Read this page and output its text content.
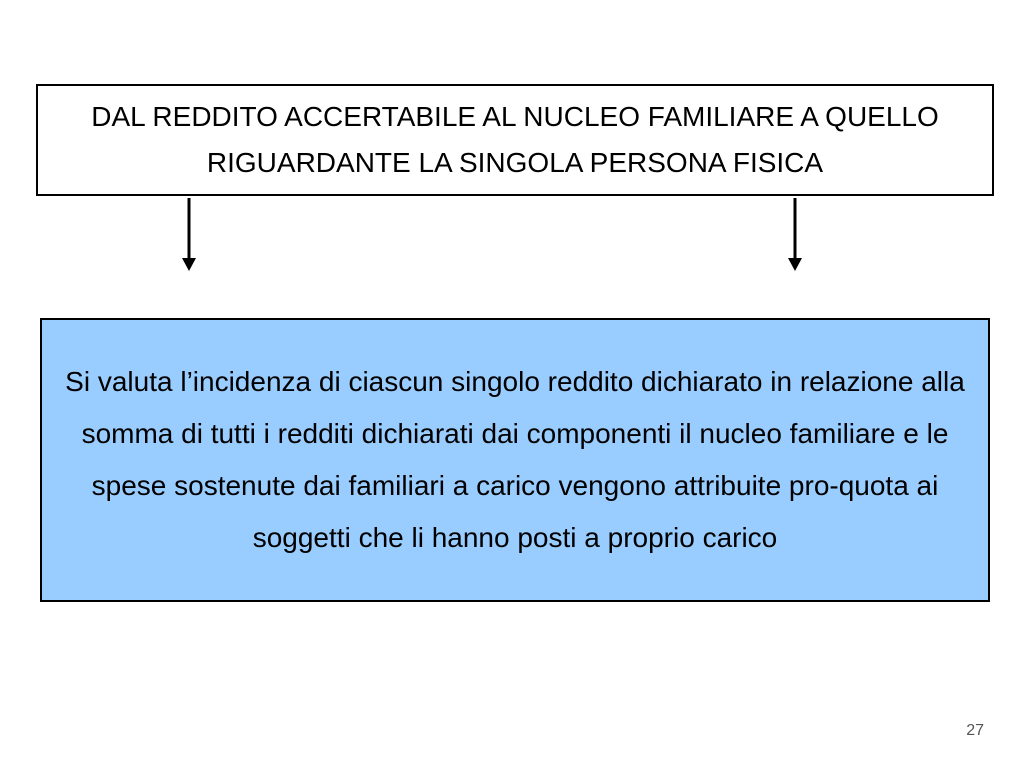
DAL REDDITO ACCERTABILE AL NUCLEO FAMILIARE A QUELLO RIGUARDANTE LA SINGOLA PERSONA FISICA
Si valuta l’incidenza di ciascun singolo reddito dichiarato in relazione alla somma di tutti i redditi dichiarati dai componenti il nucleo familiare e le spese sostenute dai familiari a carico vengono attribuite pro-quota ai soggetti che li hanno posti a proprio carico
27
